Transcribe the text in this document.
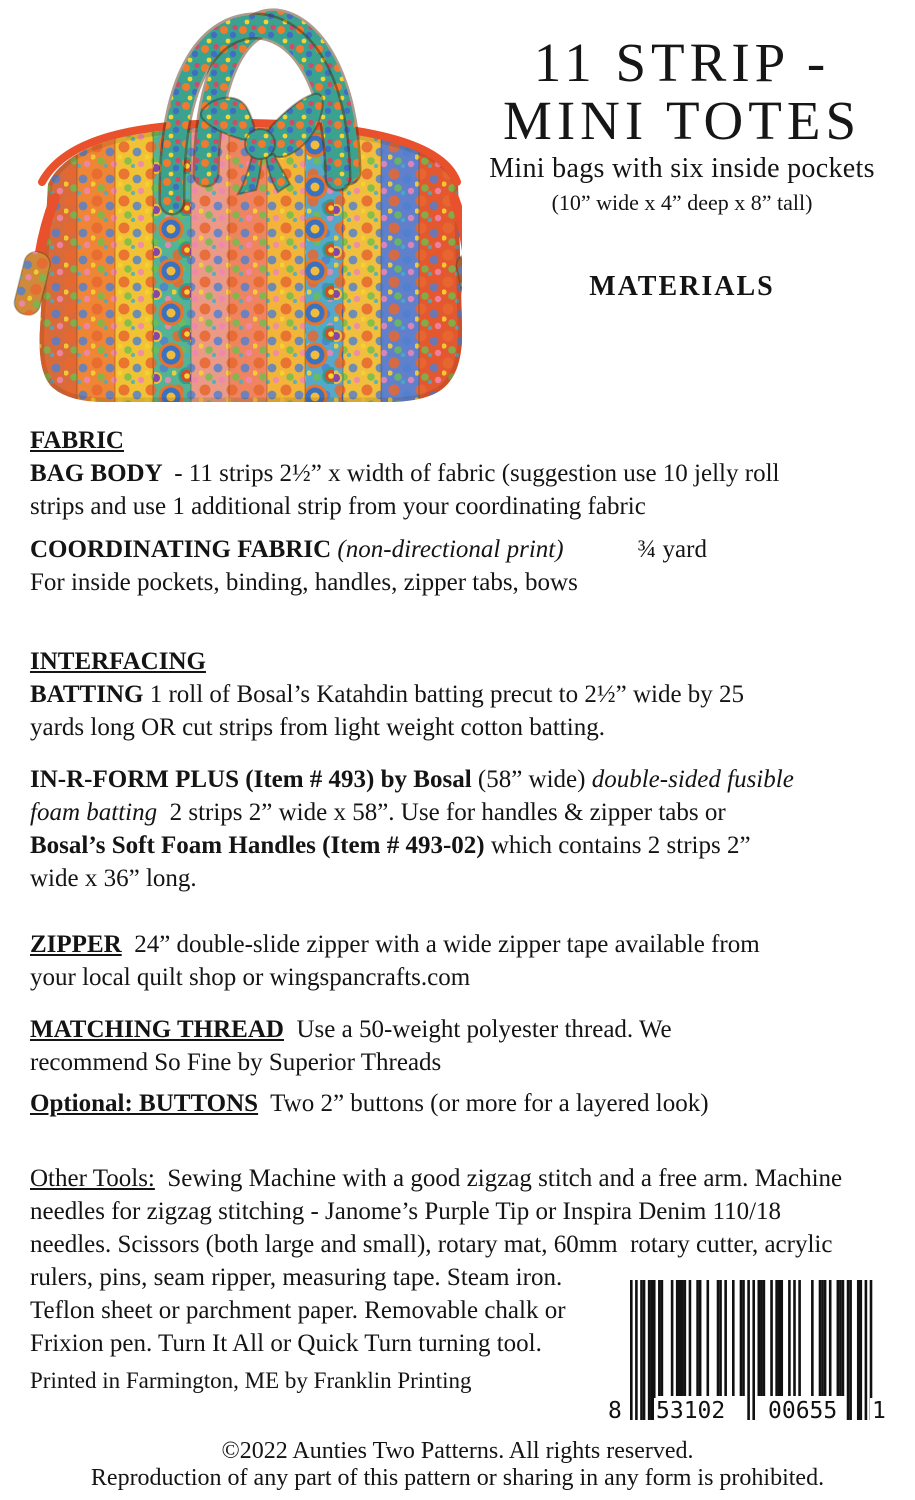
11 STRIP -
MINI TOTES
Mini bags with six inside pockets
(10” wide x 4” deep x 8” tall)
MATERIALS
FABRIC
BAG BODY  - 11 strips 2½” x width of fabric (suggestion use 10 jelly roll
strips and use 1 additional strip from your coordinating fabric
COORDINATING FABRIC (non-directional print)	¾ yard
For inside pockets, binding, handles, zipper tabs, bows
INTERFACING
BATTING 1 roll of Bosal’s Katahdin batting precut to 2½” wide by 25
yards long OR cut strips from light weight cotton batting.
IN-R-FORM PLUS (Item # 493) by Bosal (58” wide) double-sided fusible
foam batting  2 strips 2” wide x 58”. Use for handles & zipper tabs or
Bosal’s Soft Foam Handles (Item # 493-02) which contains 2 strips 2”
wide x 36” long.
ZIPPER  24” double-slide zipper with a wide zipper tape available from
your local quilt shop or wingspancrafts.com
MATCHING THREAD  Use a 50-weight polyester thread. We
recommend So Fine by Superior Threads
Optional: BUTTONS  Two 2” buttons (or more for a layered look)
Other Tools:  Sewing Machine with a good zigzag stitch and a free arm. Machine
needles for zigzag stitching - Janome’s Purple Tip or Inspira Denim 110/18
needles. Scissors (both large and small), rotary mat, 60mm  rotary cutter, acrylic
rulers, pins, seam ripper, measuring tape. Steam iron.
Teflon sheet or parchment paper. Removable chalk or
Frixion pen. Turn It All or Quick Turn turning tool.
Printed in Farmington, ME by Franklin Printing
8 53102 00655 1
©2022 Aunties Two Patterns. All rights reserved.
Reproduction of any part of this pattern or sharing in any form is prohibited.
